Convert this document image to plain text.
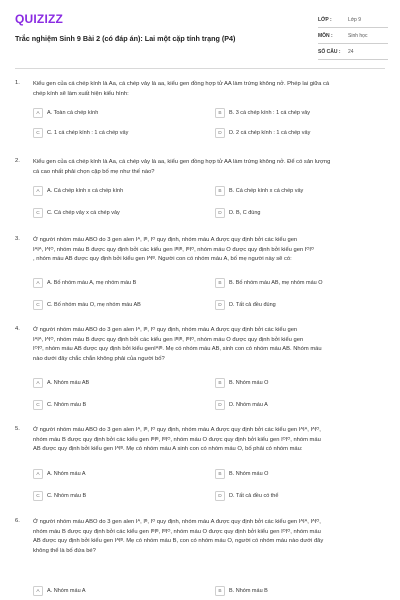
QUIZIZZ
Trắc nghiệm Sinh 9 Bài 2 (có đáp án): Lai một cặp tính trạng (P4)
LỚP :	Lớp 9
MÔN :	Sinh học
SỐ CÂU :	24
1. Kiểu gen của cá chép kính là Aa, cá chép vảy là aa, kiểu gen đồng hợp tử AA làm trứng không nở. Phép lai giữa cá
chép kính sẽ làm xuất hiện kiểu hình:
A	A. Toàn cá chép kính	B	B. 3 cá chép kính : 1 cá chép vảy
C	C. 1 cá chép kính : 1 cá chép vảy	D	D. 2 cá chép kính : 1 cá chép vảy
2. Kiểu gen của cá chép kính là Aa, cá chép vảy là aa, kiểu gen đồng hợp tử AA làm trứng không nở. Để có sản lượng
cá cao nhất phải chọn cặp bố mẹ như thế nào?
A	A. Cá chép kính x cá chép kính	B	B. Cá chép kính x cá chép vảy
C	C. Cá chép vảy x cá chép vảy	D	D. B, C đúng
3. Ở người nhóm máu ABO do 3 gen alen Iᴬ, Iᴮ, Iᴼ quy định, nhóm máu A được quy định bởi các kiểu gen
IᴬIᴬ, IᴬIᴼ, nhóm máu B được quy định bởi các kiểu gen IᴮIᴮ, IᴮIᴼ, nhóm máu O được quy định bởi kiểu gen IᴼIᴼ
, nhóm máu AB được quy định bởi kiểu gen IᴬIᴮ. Người con có nhóm máu A, bố mẹ người này sẽ có:
A	A. Bố nhóm máu A, mẹ nhóm máu B	B	B. Bố nhóm máu AB, mẹ nhóm máu O
C	C. Bố nhóm máu O, mẹ nhóm máu AB	D	D. Tất cả đều đúng
4. Ở người nhóm máu ABO do 3 gen alen Iᴬ, Iᴮ, Iᴼ quy định, nhóm máu A được quy định bởi các kiểu gen
IᴬIᴬ, IᴬIᴼ, nhóm máu B được quy định bởi các kiểu gen IᴮIᴮ, IᴮIᴼ, nhóm máu O được quy định bởi kiểu gen
IᴼIᴼ, nhóm máu AB được quy định bởi kiểu genIᴬIᴮ. Mẹ có nhóm máu AB, sinh con có nhóm máu AB. Nhóm máu
nào dưới đây chắc chắn không phải của người bố?
A	A. Nhóm máu AB	B	B. Nhóm máu O
C	C. Nhóm máu B	D	D. Nhóm máu A
5. Ở người nhóm máu ABO do 3 gen alen Iᴬ, Iᴮ, Iᴼ quy định, nhóm máu A được quy định bởi các kiểu gen IᴬIᴬ, IᴬIᴼ,
nhóm máu B được quy định bởi các kiểu gen IᴮIᴮ, IᴮIᴼ, nhóm máu O được quy định bởi kiểu gen IᴼIᴼ, nhóm máu
AB được quy định bởi kiểu gen IᴬIᴮ. Mẹ có nhóm máu A sinh con có nhóm máu O, bố phải có nhóm máu:
A	A. Nhóm máu A	B	B. Nhóm máu O
C	C. Nhóm máu B	D	D. Tất cả đều có thể
6. Ở người nhóm máu ABO do 3 gen alen Iᴬ, Iᴮ, Iᴼ quy định, nhóm máu A được quy định bởi các kiểu gen IᴬIᴬ, IᴬIᴼ,
nhóm máu B được quy định bởi các kiểu gen IᴮIᴮ, IᴮIᴼ, nhóm máu O được quy định bởi kiểu gen IᴼIᴼ, nhóm máu
AB được quy định bởi kiểu gen IᴬIᴮ. Mẹ có nhóm máu B, con có nhóm máu O, người có nhóm máu nào dưới đây
không thể là bố đứa bé?
A	A. Nhóm máu A	B	B. Nhóm máu B
